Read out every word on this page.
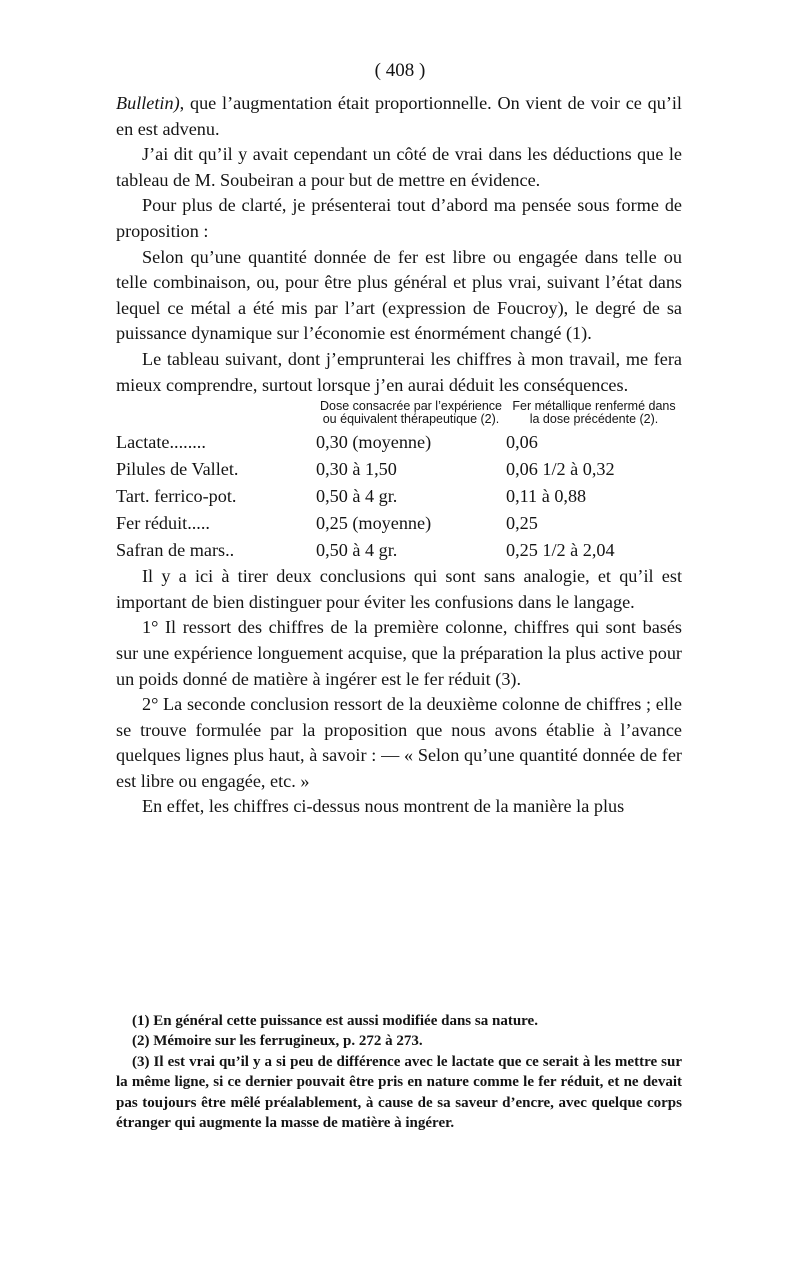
( 408 )

Bulletin), que l’augmentation était proportionnelle. On vient de voir ce qu’il en est advenu.

J’ai dit qu’il y avait cependant un côté de vrai dans les déductions que le tableau de M. Soubeiran a pour but de mettre en évidence.

Pour plus de clarté, je présenterai tout d’abord ma pensée sous forme de proposition :

Selon qu’une quantité donnée de fer est libre ou engagée dans telle ou telle combinaison, ou, pour être plus général et plus vrai, suivant l’état dans lequel ce métal a été mis par l’art (expression de Foucroy), le degré de sa puissance dynamique sur l’économie est énormément changé (1).

Le tableau suivant, dont j’emprunterai les chiffres à mon travail, me fera mieux comprendre, surtout lorsque j’en aurai déduit les conséquences.

	Dose consacrée par l’expérience ou équivalent thérapeutique (2).	Fer métallique renfermé dans la dose précédente (2).
Lactate........	0,30 (moyenne)	0,06
Pilules de Vallet.	0,30 à 1,50	0,06 1/2 à 0,32
Tart. ferrico-pot.	0,50 à 4 gr.	0,11 à 0,88
Fer réduit.....	0,25 (moyenne)	0,25
Safran de mars..	0,50 à 4 gr.	0,25 1/2 à 2,04

Il y a ici à tirer deux conclusions qui sont sans analogie, et qu’il est important de bien distinguer pour éviter les confusions dans le langage.

1° Il ressort des chiffres de la première colonne, chiffres qui sont basés sur une expérience longuement acquise, que la préparation la plus active pour un poids donné de matière à ingérer est le fer réduit (3).

2° La seconde conclusion ressort de la deuxième colonne de chiffres ; elle se trouve formulée par la proposition que nous avons établie à l’avance quelques lignes plus haut, à savoir : — « Selon qu’une quantité donnée de fer est libre ou engagée, etc. »

En effet, les chiffres ci-dessus nous montrent de la manière la plus

(1) En général cette puissance est aussi modifiée dans sa nature.

(2) Mémoire sur les ferrugineux, p. 272 à 273.

(3) Il est vrai qu’il y a si peu de différence avec le lactate que ce serait à les mettre sur la même ligne, si ce dernier pouvait être pris en nature comme le fer réduit, et ne devait pas toujours être mêlé préalablement, à cause de sa saveur d’encre, avec quelque corps étranger qui augmente la masse de matière à ingérer.
